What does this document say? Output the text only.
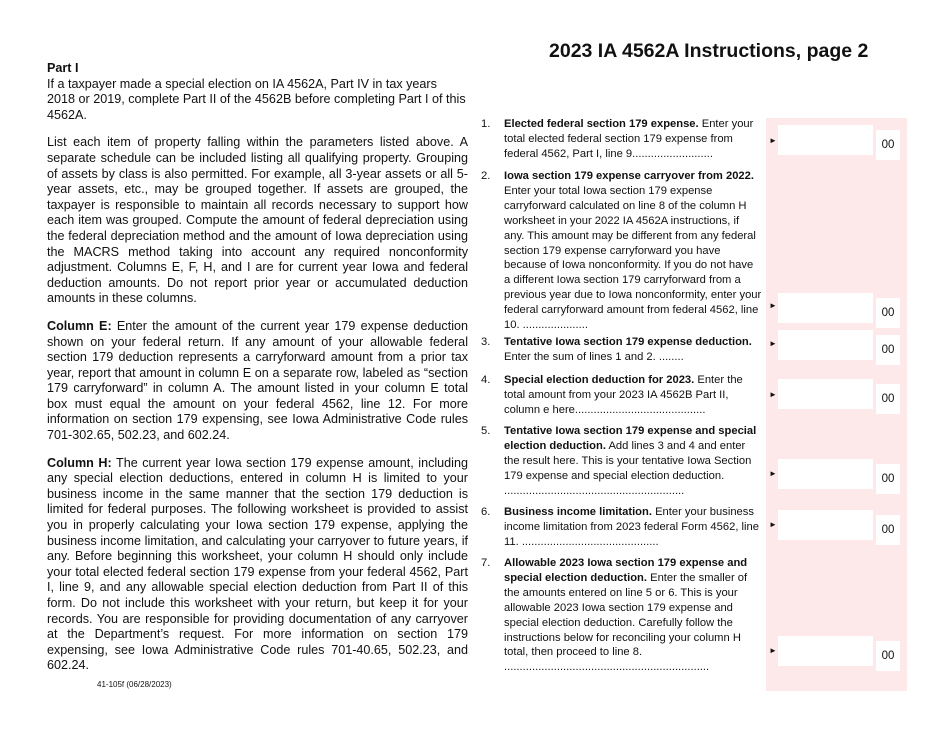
2023 IA 4562A Instructions, page 2

Part I

If a taxpayer made a special election on IA 4562A, Part IV in tax years 2018 or 2019, complete Part II of the 4562B before completing Part I of this 4562A.

List each item of property falling within the parameters listed above. A separate schedule can be included listing all qualifying property. Grouping of assets by class is also permitted. For example, all 3-year assets or all 5-year assets, etc., may be grouped together. If assets are grouped, the taxpayer is responsible to maintain all records necessary to support how each item was grouped. Compute the amount of federal depreciation using the federal depreciation method and the amount of Iowa depreciation using the MACRS method taking into account any required nonconformity adjustment. Columns E, F, H, and I are for current year Iowa and federal deduction amounts. Do not report prior year or accumulated deduction amounts in these columns.

Column E: Enter the amount of the current year 179 expense deduction shown on your federal return. If any amount of your allowable federal section 179 deduction represents a carryforward amount from a prior tax year, report that amount in column E on a separate row, labeled as “section 179 carryforward” in column A. The amount listed in your column E total box must equal the amount on your federal 4562, line 12. For more information on section 179 expensing, see Iowa Administrative Code rules 701-302.65, 502.23, and 602.24.

Column H: The current year Iowa section 179 expense amount, including any special election deductions, entered in column H is limited to your business income in the same manner that the section 179 deduction is limited for federal purposes. The following worksheet is provided to assist you in properly calculating your Iowa section 179 expense, applying the business income limitation, and calculating your carryover to future years, if any. Before beginning this worksheet, your column H should only include your total elected federal section 179 expense from your federal 4562, Part I, line 9, and any allowable special election deduction from Part II of this form. Do not include this worksheet with your return, but keep it for your records. You are responsible for providing documentation of any carryover at the Department’s request. For more information on section 179 expensing, see Iowa Administrative Code rules 701-40.65, 502.23, and 602.24.

41-105f (06/28/2023)
1.	Elected federal section 179 expense. Enter your total elected federal section 179 expense from federal 4562, Part I, line 9..........................
►	00
2.	Iowa section 179 expense carryover from 2022. Enter your total Iowa section 179 expense carryforward calculated on line 8 of the column H worksheet in your 2022 IA 4562A instructions, if any. This amount may be different from any federal section 179 expense carryforward you have because of Iowa nonconformity. If you do not have a different Iowa section 179 carryforward from a previous year due to Iowa nonconformity, enter your federal carryforward amount from federal 4562, line 10. .....................
►
00
3.	Tentative Iowa section 179 expense deduction. Enter the sum of lines 1 and 2. ........
►
00
4.	Special election deduction for 2023. Enter the total amount from your 2023 IA 4562B Part II, column e here..........................................
►	00
5.	Tentative Iowa section 179 expense and special election deduction. Add lines 3 and 4 and enter the result here. This is your tentative Iowa Section 179 expense and special election deduction. ..........................................................
►	00
6.	Business income limitation. Enter your business income limitation from 2023 federal Form 4562, line 11. ............................................
►	00
7.	Allowable 2023 Iowa section 179 expense and special election deduction. Enter the smaller of the amounts entered on line 5 or 6. This is your allowable 2023 Iowa section 179 expense and special election deduction. Carefully follow the instructions below for reconciling your column H total, then proceed to line 8. ..................................................................
►	00
